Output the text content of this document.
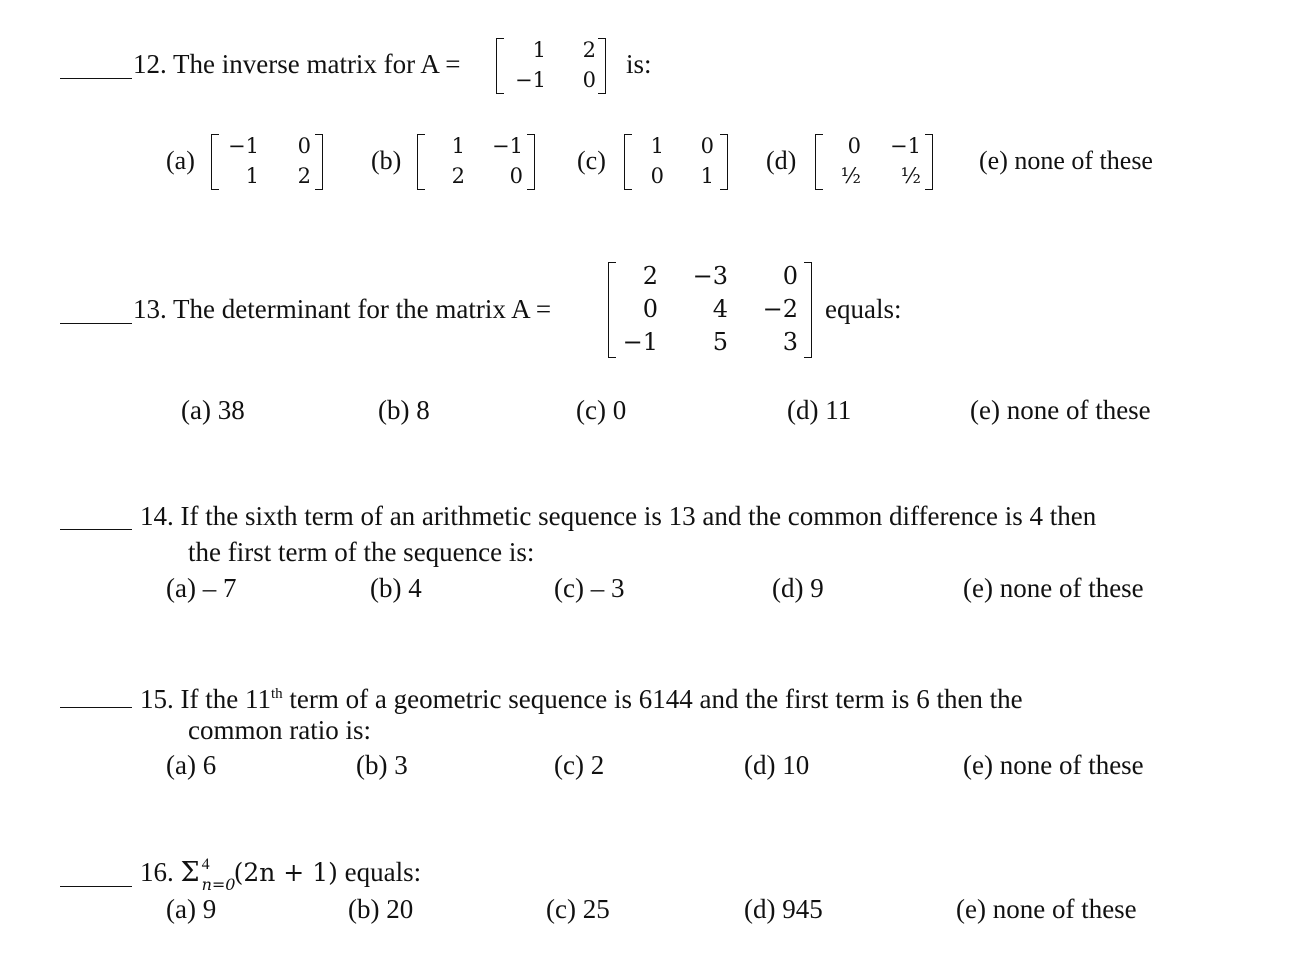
12. The inverse matrix for A =	1	2
−1	0
is:
(a)	−1	0
1	2
(b)	1	−1
2	0
(c)	1	0
0	1
(d)	0	−1
½	½
(e) none of these
13. The determinant for the matrix A =
2	−3	0
0	4	−2
−1	5	3
equals:
(a) 38	(b) 8	(c) 0	(d) 11	(e) none of these
14. If the sixth term of an arithmetic sequence is 13 and the common difference is 4 then
the first term of the sequence is:
(a) – 7	(b) 4	(c) – 3	(d) 9	(e) none of these
15. If the 11th term of a geometric sequence is 6144 and the first term is 6 then the
common ratio is:
(a) 6	(b) 3	(c) 2	(d) 10	(e) none of these
16. Σ 4
n=0
(2n + 1) equals:
(a) 9	(b) 20	(c) 25	(d) 945	(e) none of these
